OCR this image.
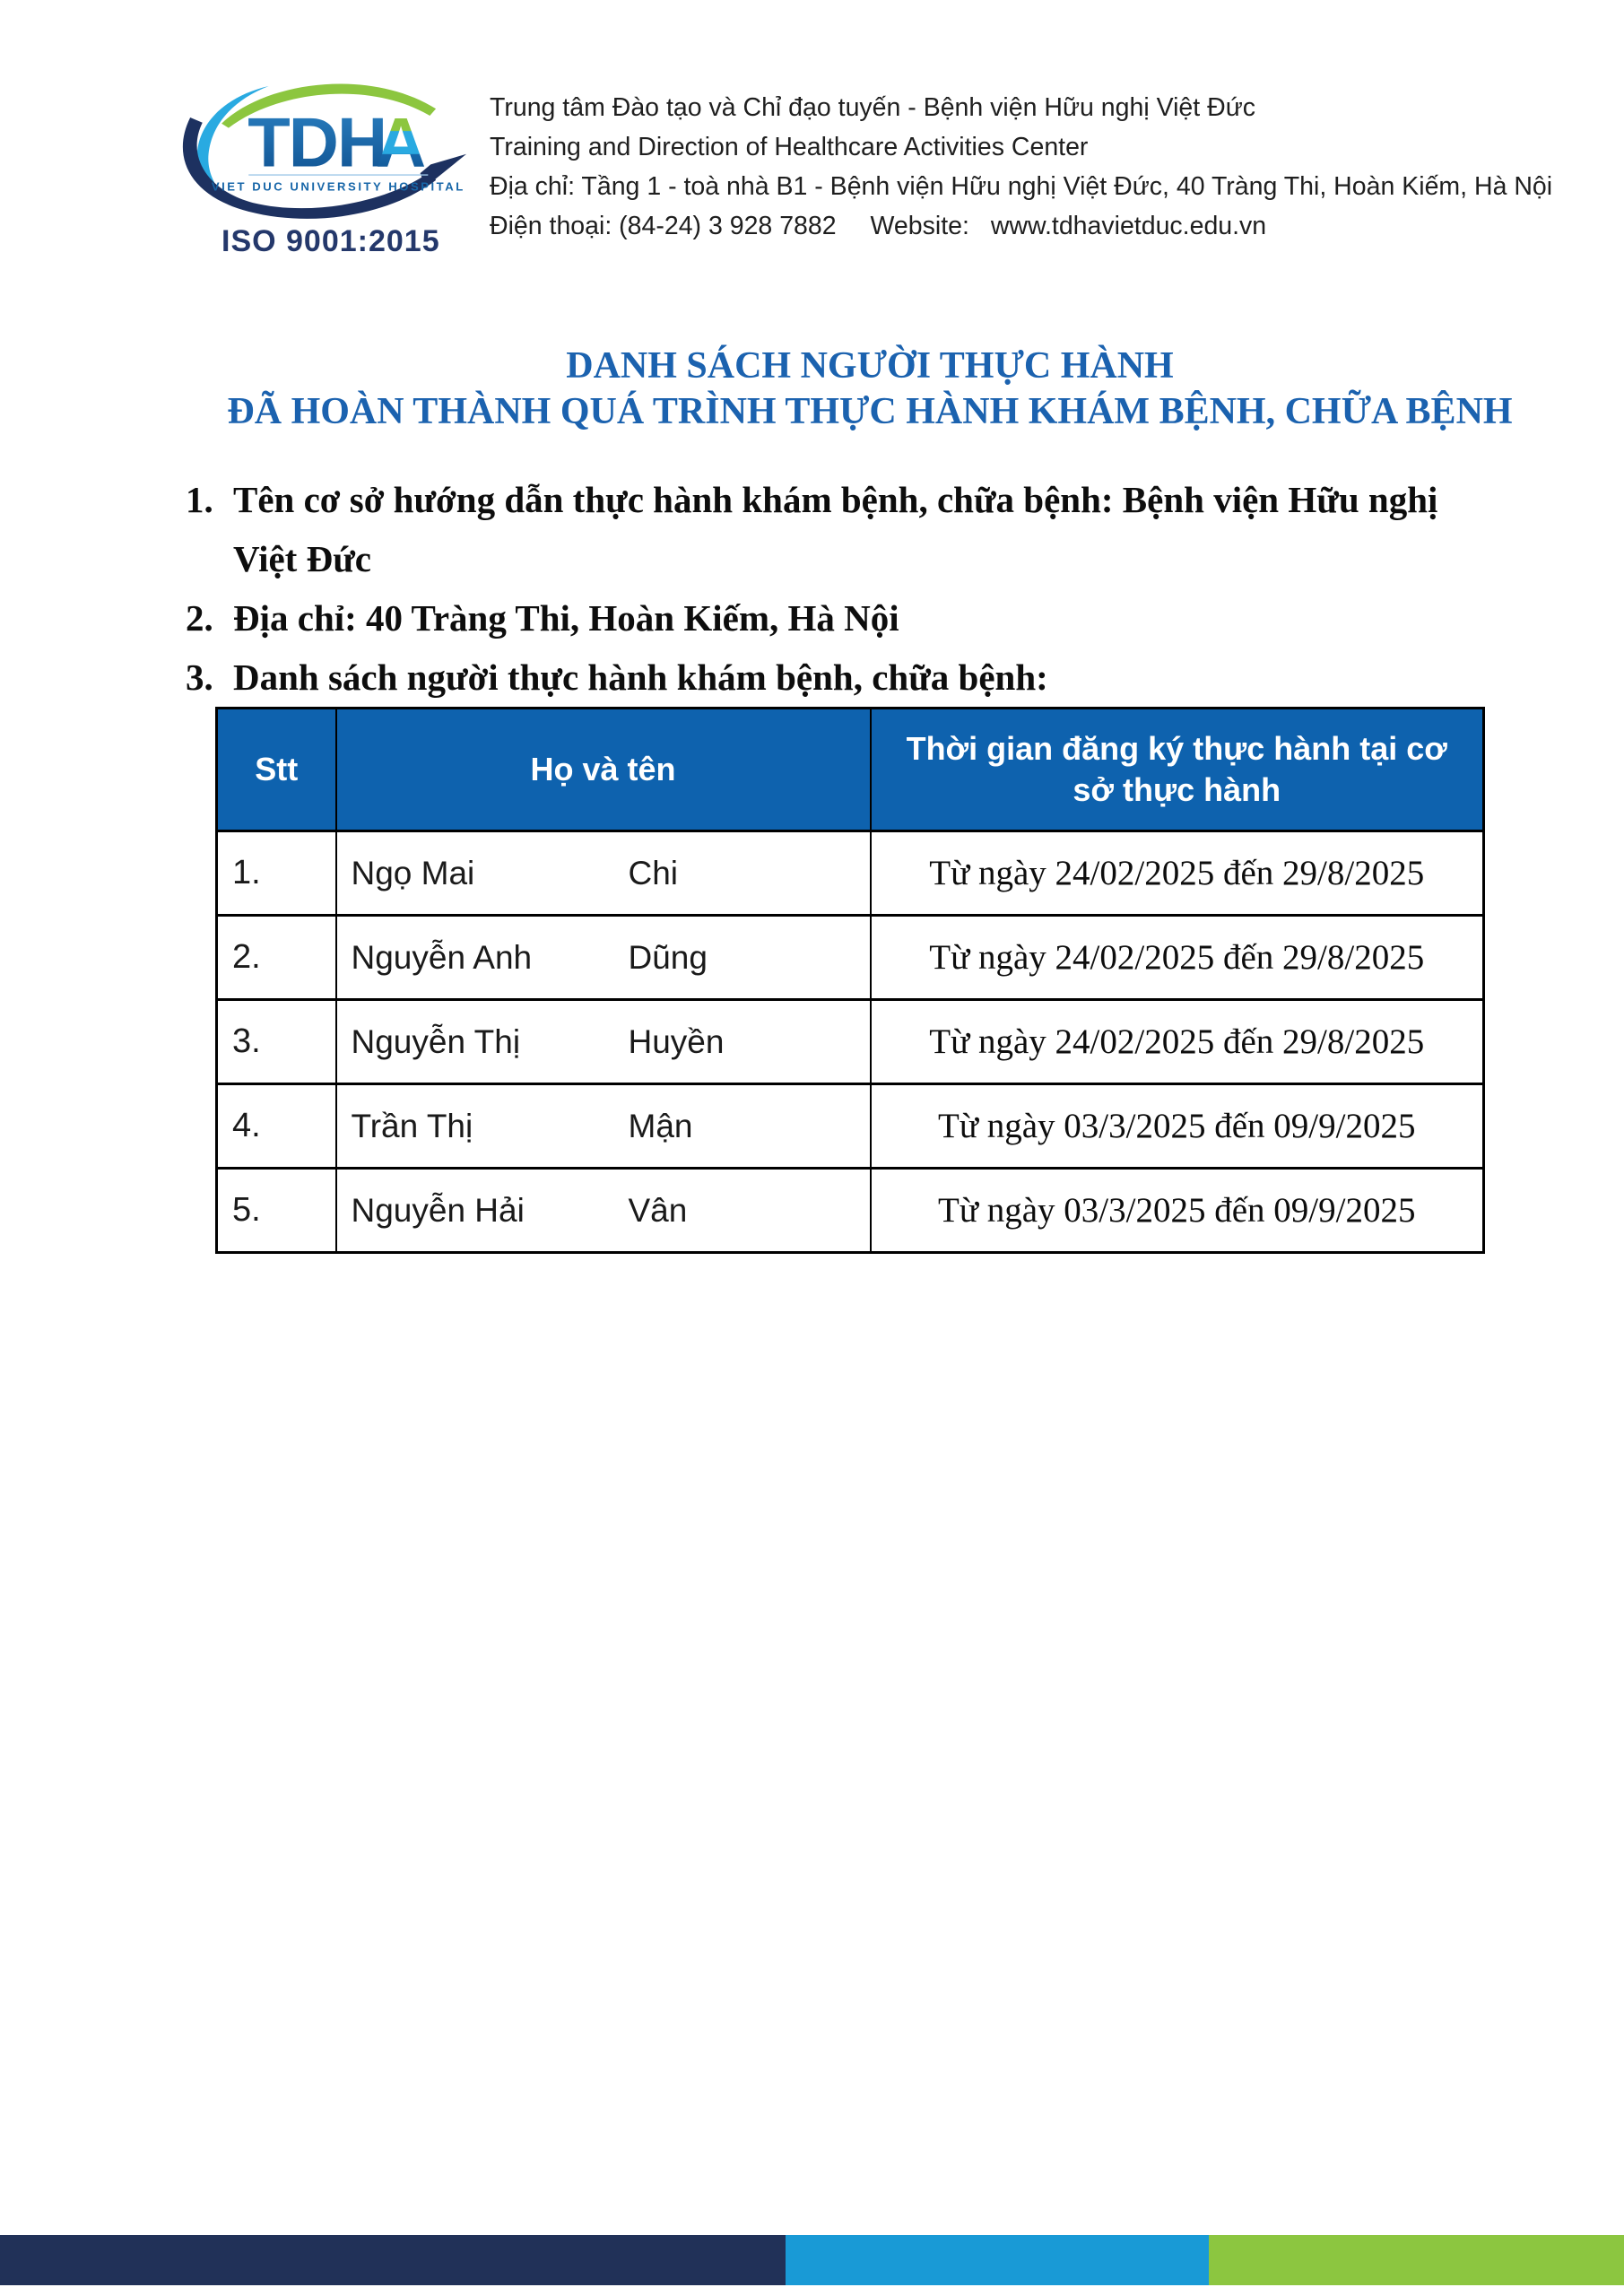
TDH
A
VIET DUC UNIVERSITY HOSPITAL
ISO 9001:2015
Trung tâm Đào tạo và Chỉ đạo tuyến - Bệnh viện Hữu nghị Việt Đức
Training and Direction of Healthcare Activities Center
Địa chỉ: Tầng 1 - toà nhà B1 - Bệnh viện Hữu nghị Việt Đức, 40 Tràng Thi, Hoàn Kiếm, Hà Nội
Điện thoại: (84-24) 3 928 7882 Website: www.tdhavietduc.edu.vn
DANH SÁCH NGƯỜI THỰC HÀNH
ĐÃ HOÀN THÀNH QUÁ TRÌNH THỰC HÀNH KHÁM BỆNH, CHỮA BỆNH
1. Tên cơ sở hướng dẫn thực hành khám bệnh, chữa bệnh: Bệnh viện Hữu nghị Việt Đức
2. Địa chỉ: 40 Tràng Thi, Hoàn Kiếm, Hà Nội
3. Danh sách người thực hành khám bệnh, chữa bệnh:
Stt	Họ và tên	Thời gian đăng ký thực hành tại cơ sở thực hành
1.	Ngọ Mai Chi	Từ ngày 24/02/2025 đến 29/8/2025
2.	Nguyễn Anh Dũng	Từ ngày 24/02/2025 đến 29/8/2025
3.	Nguyễn Thị Huyền	Từ ngày 24/02/2025 đến 29/8/2025
4.	Trần Thị Mận	Từ ngày 03/3/2025 đến 09/9/2025
5.	Nguyễn Hải Vân	Từ ngày 03/3/2025 đến 09/9/2025
